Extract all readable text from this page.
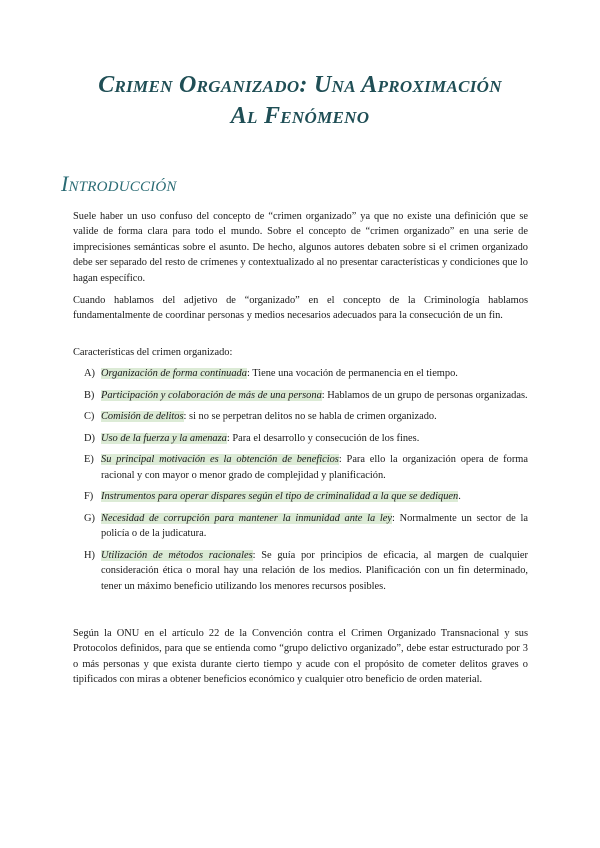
Crimen Organizado: Una Aproximación
Al Fenómeno
Introducción

Suele haber un uso confuso del concepto de “crimen organizado” ya que no existe una definición que se valide de forma clara para todo el mundo. Sobre el concepto de “crimen organizado” en una serie de imprecisiones semánticas sobre el asunto. De hecho, algunos autores debaten sobre si el crimen organizado debe ser separado del resto de crímenes y contextualizado al no presentar características y condiciones que lo hagan específico.

Cuando hablamos del adjetivo de “organizado” en el concepto de la Criminología hablamos fundamentalmente de coordinar personas y medios necesarios adecuados para la consecución de un fin.

Características del crimen organizado:

A) Organización de forma continuada: Tiene una vocación de permanencia en el tiempo.
B) Participación y colaboración de más de una persona: Hablamos de un grupo de personas organizadas.
C) Comisión de delitos: si no se perpetran delitos no se habla de crimen organizado.
D) Uso de la fuerza y la amenaza: Para el desarrollo y consecución de los fines.
E) Su principal motivación es la obtención de beneficios: Para ello la organización opera de forma racional y con mayor o menor grado de complejidad y planificación.
F) Instrumentos para operar dispares según el tipo de criminalidad a la que se dediquen.
G) Necesidad de corrupción para mantener la inmunidad ante la ley: Normalmente un sector de la policía o de la judicatura.
H) Utilización de métodos racionales: Se guía por principios de eficacia, al margen de cualquier consideración ética o moral hay una relación de los medios. Planificación con un fin determinado, tener un máximo beneficio utilizando los menores recursos posibles.

Según la ONU en el artículo 22 de la Convención contra el Crimen Organizado Transnacional y sus Protocolos definidos, para que se entienda como “grupo delictivo organizado”, debe estar estructurado por 3 o más personas y que exista durante cierto tiempo y acude con el propósito de cometer delitos graves o tipificados con miras a obtener beneficios económico y cualquier otro beneficio de orden material.
